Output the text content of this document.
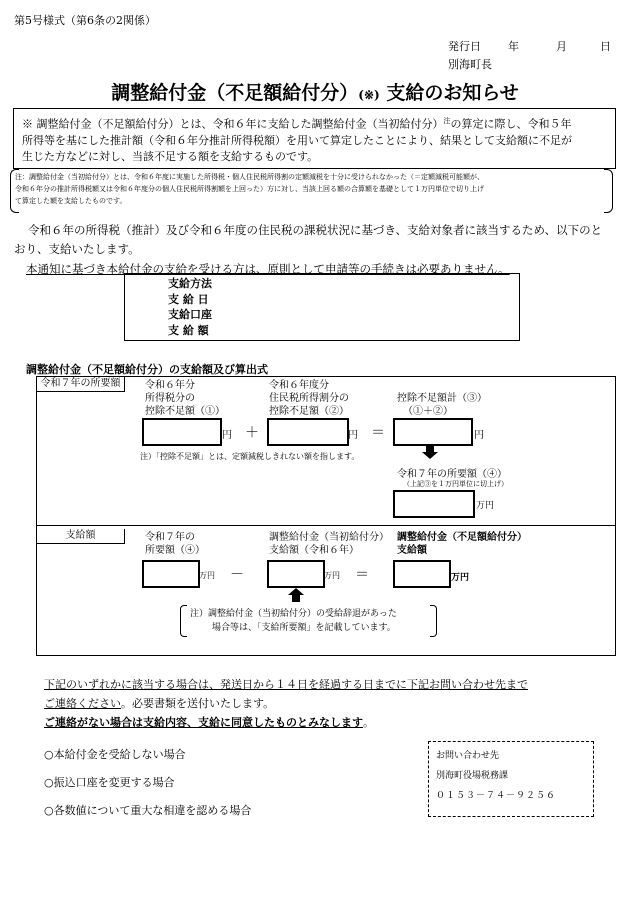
第5号様式（第6条の2関係）
発行日 年	月	日
別海町長
調整給付金（不足額給付分）(※) 支給のお知らせ
※ 調整給付金（不足額給付分）とは、令和６年に支給した調整給付金（当初給付分）$^注$の算定に際し、令和５年
所得等を基にした推計額（令和６年分推計所得税額）を用いて算定したことにより、結果として支給額に不足が
生じた方などに対し、当該不足する額を支給するものです。
注：調整給付金（当初給付分）とは、令和６年度に実施した所得税・個人住民税所得割の定額減税を十分に受けられなかった（＝定額減税可能額が、
令和６年分の推計所得税額又は令和６年度分の個人住民税所得割額を上回った）方に対し、当該上回る額の合算額を基礎として１万円単位で切り上げ
て算定した額を支給したものです。
令和６年の所得税（推計）及び令和６年度の住民税の課税状況に基づき、支給対象者に該当するため、以下のと
おり、支給いたします。
本通知に基づき本給付金の支給を受ける方は、原則として申請等の手続きは必要ありません。
支給方法
支 給 日
支給口座
支 給 額
調整給付金（不足額給付分）の支給額及び算出式
令和７年の所要額	令和６年分
所得税分の
控除不足額（①）
令和６年度分
住民税所得割分の
控除不足額（②）
控除不足額計（③）
（①＋②）
円 ＋	円 ＝	円
注）「控除不足額」とは、定額減税しきれない額を指します。
令和７年の所要額（④）
（上記③を１万円単位に切上げ）
万円
支給額	令和７年の
所要額（④）
調整給付金（当初給付分）
支給額（令和６年）
調整給付金（不足額給付分）
支給額
万円 －	万円 ＝	万円
注）調整給付金（当初給付分）の受給辞退があった
場合等は、「支給所要額」を記載しています。
下記のいずれかに該当する場合は、発送日から１４日を経過する日までに下記お問い合わせ先まで
ご連絡ください。必要書類を送付いたします。
ご連絡がない場合は支給内容、支給に同意したものとみなします。
○本給付金を受給しない場合
○振込口座を変更する場合
○各数値について重大な相違を認める場合
お問い合わせ先
別海町役場税務課
０１５３－７４－９２５６
